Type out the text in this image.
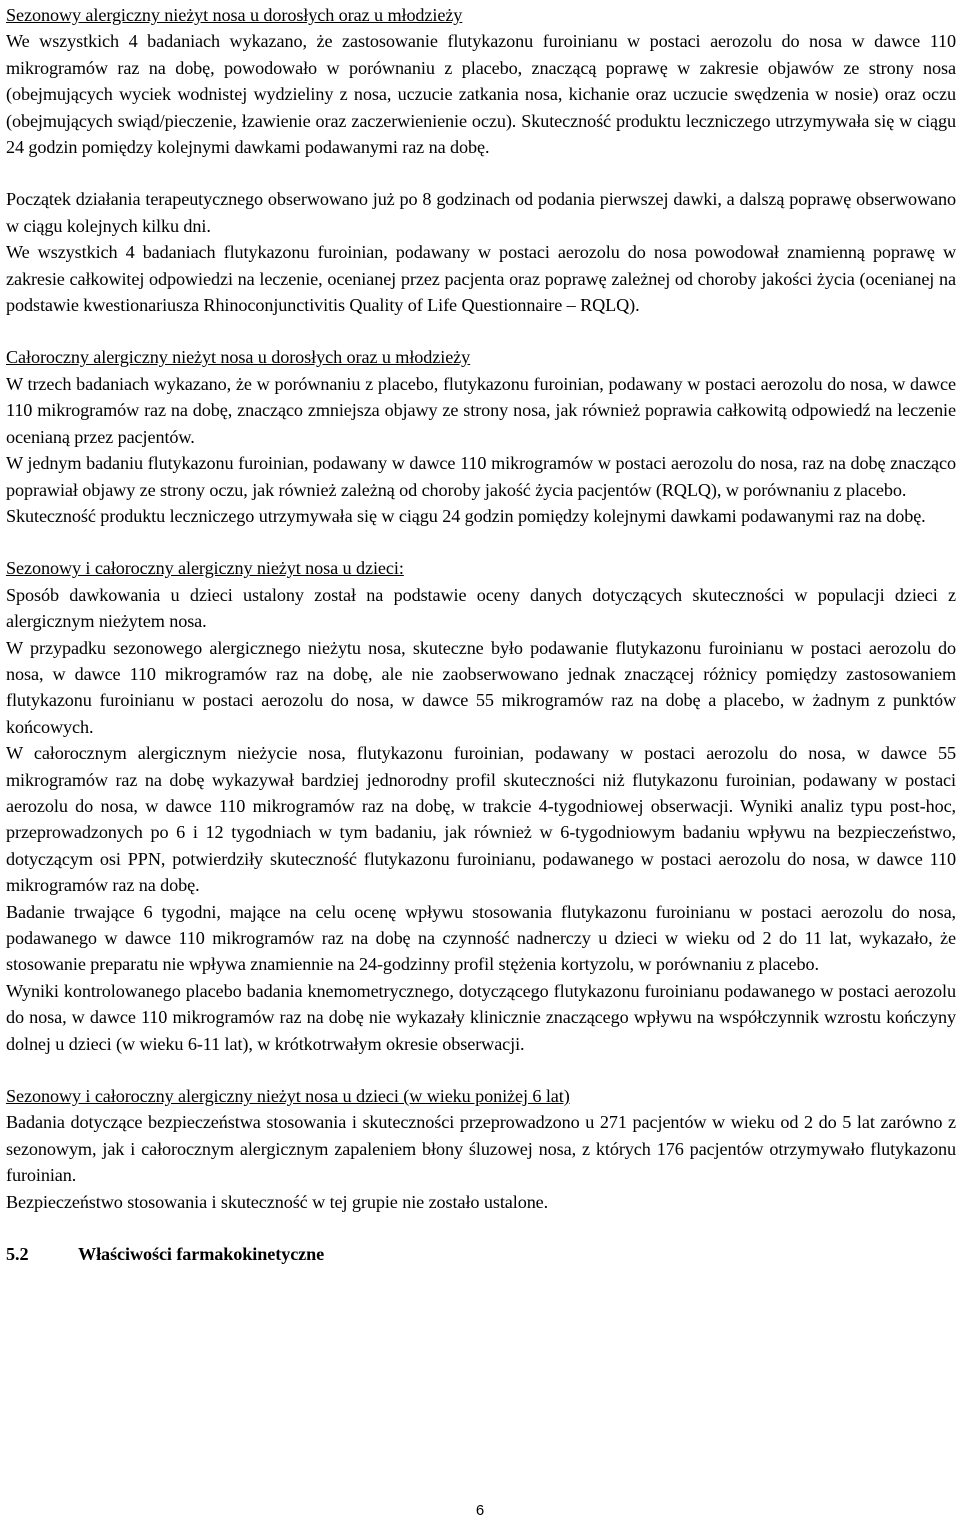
Sezonowy alergiczny nieżyt nosa u dorosłych oraz u młodzieży

We wszystkich 4 badaniach wykazano, że zastosowanie flutykazonu furoinianu w postaci aerozolu do nosa w dawce 110 mikrogramów raz na dobę, powodowało w porównaniu z placebo, znaczącą poprawę w zakresie objawów ze strony nosa (obejmujących wyciek wodnistej wydzieliny z nosa, uczucie zatkania nosa, kichanie oraz uczucie swędzenia w nosie) oraz oczu (obejmujących swiąd/pieczenie, łzawienie oraz zaczerwienienie oczu). Skuteczność produktu leczniczego utrzymywała się w ciągu 24 godzin pomiędzy kolejnymi dawkami podawanymi raz na dobę.

Początek działania terapeutycznego obserwowano już po 8 godzinach od podania pierwszej dawki, a dalszą poprawę obserwowano w ciągu kolejnych kilku dni.

We wszystkich 4 badaniach flutykazonu furoinian, podawany w postaci aerozolu do nosa powodował znamienną poprawę w zakresie całkowitej odpowiedzi na leczenie, ocenianej przez pacjenta oraz poprawę zależnej od choroby jakości życia (ocenianej na podstawie kwestionariusza Rhinoconjunctivitis Quality of Life Questionnaire – RQLQ).

Całoroczny alergiczny nieżyt nosa u dorosłych oraz u młodzieży

W trzech badaniach wykazano, że w porównaniu z placebo, flutykazonu furoinian, podawany w postaci aerozolu do nosa, w dawce 110 mikrogramów raz na dobę, znacząco zmniejsza objawy ze strony nosa, jak również poprawia całkowitą odpowiedź na leczenie ocenianą przez pacjentów.

W jednym badaniu flutykazonu furoinian, podawany w dawce 110 mikrogramów w postaci aerozolu do nosa, raz na dobę znacząco poprawiał objawy ze strony oczu, jak również zależną od choroby jakość życia pacjentów (RQLQ), w porównaniu z placebo.

Skuteczność produktu leczniczego utrzymywała się w ciągu 24 godzin pomiędzy kolejnymi dawkami podawanymi raz na dobę.

Sezonowy i całoroczny alergiczny nieżyt nosa u dzieci:

Sposób dawkowania u dzieci ustalony został na podstawie oceny danych dotyczących skuteczności w populacji dzieci z alergicznym nieżytem nosa.

W przypadku sezonowego alergicznego nieżytu nosa, skuteczne było podawanie flutykazonu furoinianu w postaci aerozolu do nosa, w dawce 110 mikrogramów raz na dobę, ale nie zaobserwowano jednak znaczącej różnicy pomiędzy zastosowaniem flutykazonu furoinianu w postaci aerozolu do nosa, w dawce 55 mikrogramów raz na dobę a placebo, w żadnym z punktów końcowych.

W całorocznym alergicznym nieżycie nosa, flutykazonu furoinian, podawany w postaci aerozolu do nosa, w dawce 55 mikrogramów raz na dobę wykazywał bardziej jednorodny profil skuteczności niż flutykazonu furoinian, podawany w postaci aerozolu do nosa, w dawce 110 mikrogramów raz na dobę, w trakcie 4-tygodniowej obserwacji. Wyniki analiz typu post-hoc, przeprowadzonych po 6 i 12 tygodniach w tym badaniu, jak również w 6-tygodniowym badaniu wpływu na bezpieczeństwo, dotyczącym osi PPN, potwierdziły skuteczność flutykazonu furoinianu, podawanego w postaci aerozolu do nosa, w dawce 110 mikrogramów raz na dobę.

Badanie trwające 6 tygodni, mające na celu ocenę wpływu stosowania flutykazonu furoinianu w postaci aerozolu do nosa, podawanego w dawce 110 mikrogramów raz na dobę na czynność nadnerczy u dzieci w wieku od 2 do 11 lat, wykazało, że stosowanie preparatu nie wpływa znamiennie na 24-godzinny profil stężenia kortyzolu, w porównaniu z placebo.

Wyniki kontrolowanego placebo badania knemometrycznego, dotyczącego flutykazonu furoinianu podawanego w postaci aerozolu do nosa, w dawce 110 mikrogramów raz na dobę nie wykazały klinicznie znaczącego wpływu na współczynnik wzrostu kończyny dolnej u dzieci (w wieku 6-11 lat), w krótkotrwałym okresie obserwacji.

Sezonowy i całoroczny alergiczny nieżyt nosa u dzieci (w wieku poniżej 6 lat)

Badania dotyczące bezpieczeństwa stosowania i skuteczności przeprowadzono u 271 pacjentów w wieku od 2 do 5 lat zarówno z sezonowym, jak i całorocznym alergicznym zapaleniem błony śluzowej nosa, z których 176 pacjentów otrzymywało flutykazonu furoinian.

Bezpieczeństwo stosowania i skuteczność w tej grupie nie zostało ustalone.

5.2	Właściwości farmakokinetyczne
6
